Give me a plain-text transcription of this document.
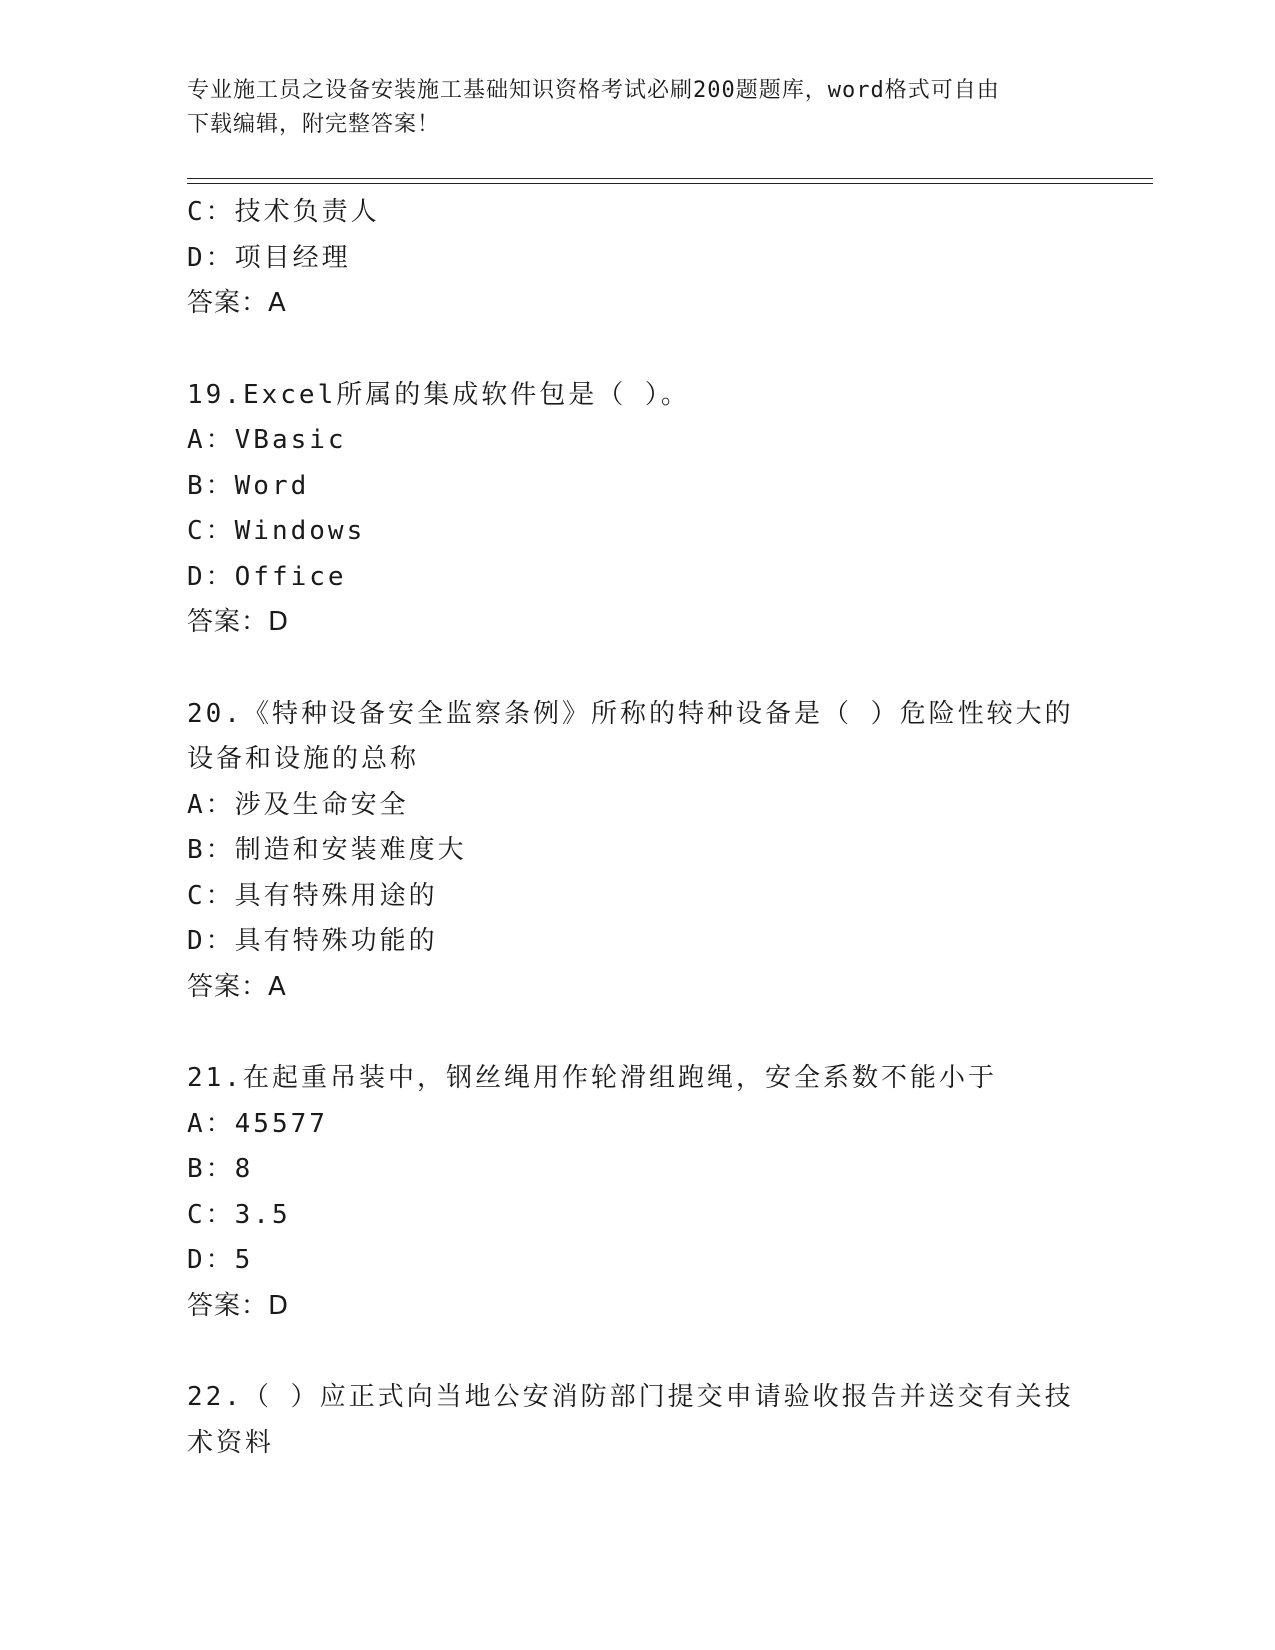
专业施工员之设备安装施工基础知识资格考试必刷200题题库，word格式可自由
下载编辑，附完整答案！
C：技术负责人
D：项目经理
答案：A
19.Excel所属的集成软件包是（ ）。
A：VBasic
B：Word
C：Windows
D：Office
答案：D
20.《特种设备安全监察条例》所称的特种设备是（ ）危险性较大的
设备和设施的总称
A：涉及生命安全
B：制造和安装难度大
C：具有特殊用途的
D：具有特殊功能的
答案：A
21.在起重吊装中，钢丝绳用作轮滑组跑绳，安全系数不能小于
A：45577
B：8
C：3.5
D：5
答案：D
22.（ ）应正式向当地公安消防部门提交申请验收报告并送交有关技
术资料
